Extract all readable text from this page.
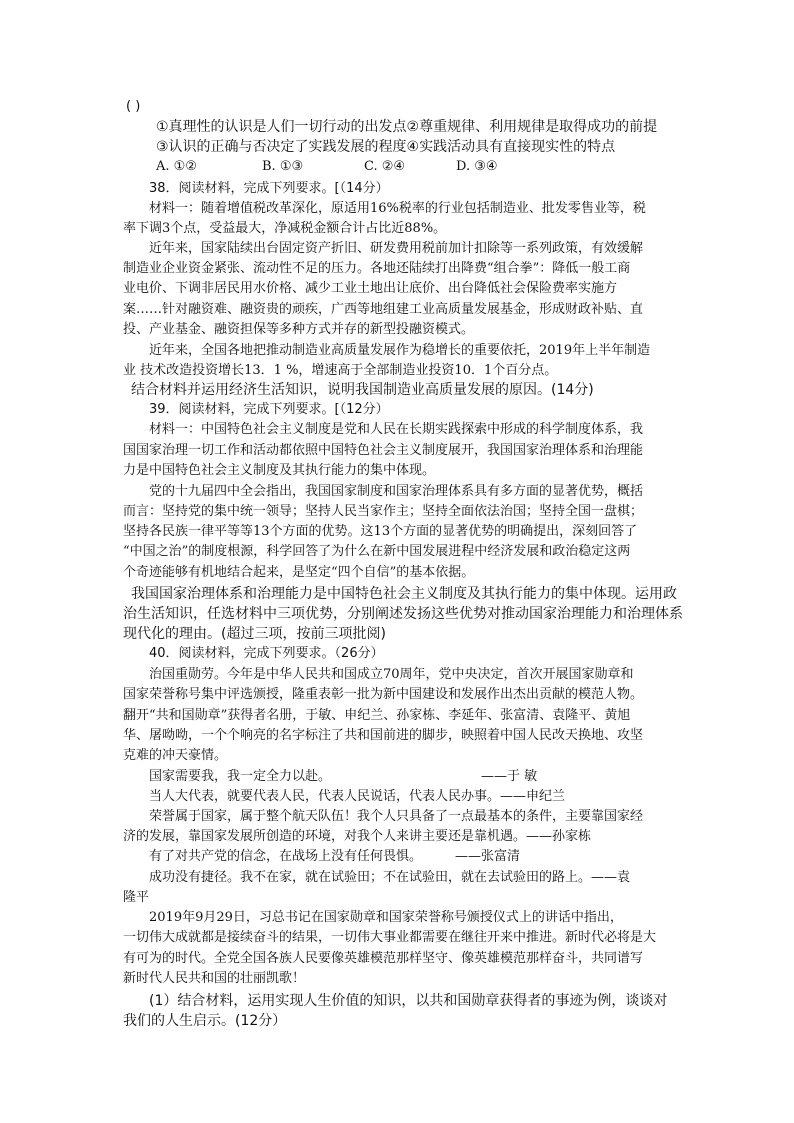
( )
①真理性的认识是人们一切行动的出发点②尊重规律、利用规律是取得成功的前提
③认识的正确与否决定了实践发展的程度④实践活动具有直接现实性的特点
A. ①②	B. ①③	C. ②④	D. ③④
38．阅读材料，完成下列要求。[（14分）
材料一：随着增值税改革深化，原适用16%税率的行业包括制造业、批发零售业等，税
率下调3个点，受益最大，净减税金额合计占比近88%。
近年来，国家陆续出台固定资产折旧、研发费用税前加计扣除等一系列政策，有效缓解
制造业企业资金紧张、流动性不足的压力。各地还陆续打出降费“组合拳”：降低一般工商
业电价、下调非居民用水价格、减少工业土地出让底价、出台降低社会保险费率实施方
案……针对融资难、融资贵的顽疾，广西等地组建工业高质量发展基金，形成财政补贴、直
投、产业基金、融资担保等多种方式并存的新型投融资模式。
近年来，全国各地把推动制造业高质量发展作为稳增长的重要依托，2019年上半年制造
业 技术改造投资增长13．1 %，增速高于全部制造业投资10．1个百分点。
结合材料并运用经济生活知识，说明我国制造业高质量发展的原因。(14分)
39．阅读材料，完成下列要求。[（12分）
材料一：中国特色社会主义制度是党和人民在长期实践探索中形成的科学制度体系，我
国国家治理一切工作和活动都依照中国特色社会主义制度展开，我国国家治理体系和治理能
力是中国特色社会主义制度及其执行能力的集中体现。
党的十九届四中全会指出，我国国家制度和国家治理体系具有多方面的显著优势，概括
而言：坚持党的集中统一领导；坚持人民当家作主；坚持全面依法治国；坚持全国一盘棋；
坚持各民族一律平等等13个方面的优势。这13个方面的显著优势的明确提出，深刻回答了
“中国之治”的制度根源，科学回答了为什么在新中国发展进程中经济发展和政治稳定这两
个奇迹能够有机地结合起来，是坚定“四个自信”的基本依据。
我国国家治理体系和治理能力是中国特色社会主义制度及其执行能力的集中体现。运用政
治生活知识，任选材料中三项优势，分别阐述发扬这些优势对推动国家治理能力和治理体系
现代化的理由。(超过三项，按前三项批阅)
40．阅读材料，完成下列要求。（26分）
治国重勋劳。今年是中华人民共和国成立70周年，党中央决定，首次开展国家勋章和
国家荣誉称号集中评选颁授，隆重表彰一批为新中国建设和发展作出杰出贡献的模范人物。
翻开“共和国勋章”获得者名册，于敏、申纪兰、孙家栋、李延年、张富清、袁隆平、黄旭
华、屠呦呦，一个个响亮的名字标注了共和国前进的脚步，映照着中国人民改天换地、攻坚
克难的冲天豪情。
国家需要我，我一定全力以赴。	——于 敏
当人大代表，就要代表人民，代表人民说话，代表人民办事。——申纪兰
荣誉属于国家，属于整个航天队伍！我个人只具备了一点最基本的条件，主要靠国家经
济的发展，靠国家发展所创造的环境，对我个人来讲主要还是靠机遇。——孙家栋
有了对共产党的信念，在战场上没有任何畏惧。	——张富清
成功没有捷径。我不在家，就在试验田；不在试验田，就在去试验田的路上。——袁
隆平
2019年9月29日，习总书记在国家勋章和国家荣誉称号颁授仪式上的讲话中指出，
一切伟大成就都是接续奋斗的结果，一切伟大事业都需要在继往开来中推进。新时代必将是大
有可为的时代。全党全国各族人民要像英雄模范那样坚守、像英雄模范那样奋斗，共同谱写
新时代人民共和国的壮丽凯歌！
(1）结合材料，运用实现人生价值的知识，以共和国勋章获得者的事迹为例，谈谈对
我们的人生启示。(12分）
